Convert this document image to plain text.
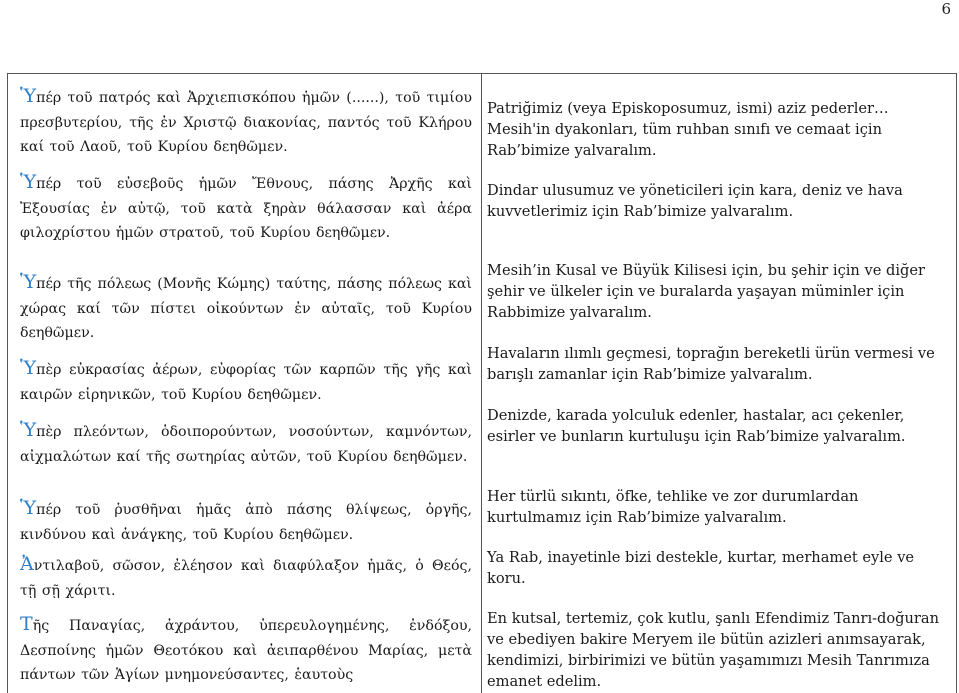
6

Ὑπέρ τοῦ πατρός καὶ Ἀρχιεπισκόπου ἡμῶν (......), τοῦ τιμίου πρεσβυτερίου, τῆς ἐν Χριστῷ διακονίας, παντός τοῦ Κλήρου καί τοῦ Λαοῦ, τοῦ Κυρίου δεηθῶμεν.

Ὑπέρ τοῦ εὐσεβοῦς ἡμῶν Ἔθνους, πάσης Ἀρχῆς καὶ Ἐξουσίας ἐν αὐτῷ, τοῦ κατὰ ξηρὰν θάλασσαν καὶ ἀέρα φιλοχρίστου ἡμῶν στρατοῦ, τοῦ Κυρίου δεηθῶμεν.

Ὑπέρ τῆς πόλεως (Μονῆς Κώμης) ταύτης, πάσης πόλεως καὶ χώρας καί τῶν πίστει οἰκούντων ἐν αὐταῖς, τοῦ Κυρίου δεηθῶμεν.

Ὑπὲρ εὐκρασίας ἀέρων, εὐφορίας τῶν καρπῶν τῆς γῆς καὶ καιρῶν εἰρηνικῶν, τοῦ Κυρίου δεηθῶμεν.

Ὑπὲρ πλεόντων, ὁδοιπορούντων, νοσούντων, καμνόντων, αἰχμαλώτων καί τῆς σωτηρίας αὐτῶν, τοῦ Κυρίου δεηθῶμεν.

Ὑπέρ τοῦ ῥυσθῆναι ἡμᾶς ἀπὸ πάσης θλίψεως, ὀργῆς, κινδύνου καὶ ἀνάγκης, τοῦ Κυρίου δεηθῶμεν.

Ἀντιλαβοῦ, σῶσον, ἐλέησον καὶ διαφύλαξον ἡμᾶς, ὁ Θεός, τῇ σῇ χάριτι.

Τῆς Παναγίας, ἀχράντου, ὑπερευλογημένης, ἐνδόξου, Δεσποίνης ἡμῶν Θεοτόκου καὶ ἀειπαρθένου Μαρίας, μετὰ πάντων τῶν Ἁγίων μνημονεύσαντες, ἑαυτοὺς

Patriğimiz (veya Episkoposumuz, ismi) aziz pederler… Mesih'in dyakonları, tüm ruhban sınıfı ve cemaat için Rab’bimize yalvaralım.

Dindar ulusumuz ve yöneticileri için kara, deniz ve hava kuvvetlerimiz için Rab’bimize yalvaralım.

Mesih’in Kusal ve Büyük Kilisesi için, bu şehir için ve diğer şehir ve ülkeler için ve buralarda yaşayan müminler için Rabbimize yalvaralım.

Havaların ılımlı geçmesi, toprağın bereketli ürün vermesi ve barışlı zamanlar için Rab’bimize yalvaralım.

Denizde, karada yolculuk edenler, hastalar, acı çekenler, esirler ve bunların kurtuluşu için Rab’bimize yalvaralım.

Her türlü sıkıntı, öfke, tehlike ve zor durumlardan kurtulmamız için Rab’bimize yalvaralım.

Ya Rab, inayetinle bizi destekle, kurtar, merhamet eyle ve koru.

En kutsal, tertemiz, çok kutlu, şanlı Efendimiz Tanrı-doğuran ve ebediyen bakire Meryem ile bütün azizleri anımsayarak, kendimizi, birbirimizi ve bütün yaşamımızı Mesih Tanrımıza emanet edelim.
